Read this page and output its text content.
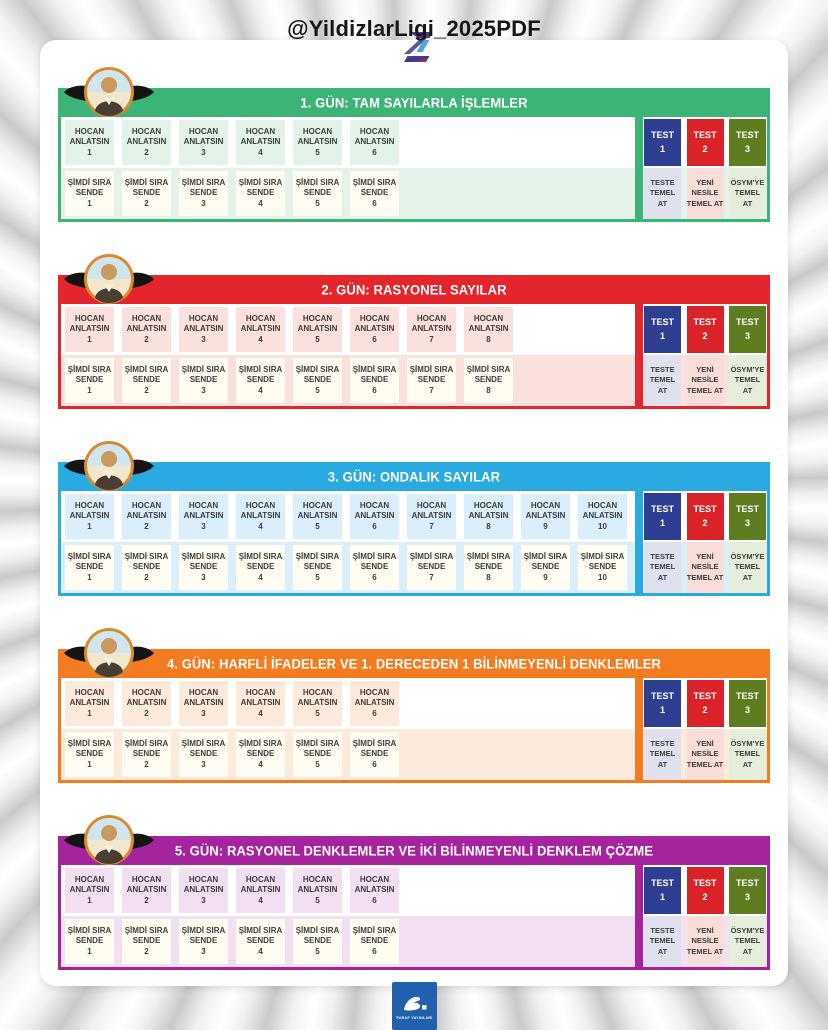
@YildizlarLigi_2025PDF
1. GÜN: TAM SAYILARLA İŞLEMLER
HOCAN
ANLATSIN
1
HOCAN
ANLATSIN
2
HOCAN
ANLATSIN
3
HOCAN
ANLATSIN
4
HOCAN
ANLATSIN
5
HOCAN
ANLATSIN
6
ŞİMDİ SIRA
SENDE
1
ŞİMDİ SIRA
SENDE
2
ŞİMDİ SIRA
SENDE
3
ŞİMDİ SIRA
SENDE
4
ŞİMDİ SIRA
SENDE
5
ŞİMDİ SIRA
SENDE
6
TEST
1
TEST
2
TEST
3
TESTE
TEMEL
AT
YENİ
NESİLE
TEMEL AT
ÖSYM'YE
TEMEL
AT
2. GÜN: RASYONEL SAYILAR
HOCAN
ANLATSIN
1
HOCAN
ANLATSIN
2
HOCAN
ANLATSIN
3
HOCAN
ANLATSIN
4
HOCAN
ANLATSIN
5
HOCAN
ANLATSIN
6
HOCAN
ANLATSIN
7
HOCAN
ANLATSIN
8
ŞİMDİ SIRA
SENDE
1
ŞİMDİ SIRA
SENDE
2
ŞİMDİ SIRA
SENDE
3
ŞİMDİ SIRA
SENDE
4
ŞİMDİ SIRA
SENDE
5
ŞİMDİ SIRA
SENDE
6
ŞİMDİ SIRA
SENDE
7
ŞİMDİ SIRA
SENDE
8
TEST
1
TEST
2
TEST
3
TESTE
TEMEL
AT
YENİ
NESİLE
TEMEL AT
ÖSYM'YE
TEMEL
AT
3. GÜN: ONDALIK SAYILAR
HOCAN
ANLATSIN
1
HOCAN
ANLATSIN
2
HOCAN
ANLATSIN
3
HOCAN
ANLATSIN
4
HOCAN
ANLATSIN
5
HOCAN
ANLATSIN
6
HOCAN
ANLATSIN
7
HOCAN
ANLATSIN
8
HOCAN
ANLATSIN
9
HOCAN
ANLATSIN
10
ŞİMDİ SIRA
SENDE
1
ŞİMDİ SIRA
SENDE
2
ŞİMDİ SIRA
SENDE
3
ŞİMDİ SIRA
SENDE
4
ŞİMDİ SIRA
SENDE
5
ŞİMDİ SIRA
SENDE
6
ŞİMDİ SIRA
SENDE
7
ŞİMDİ SIRA
SENDE
8
ŞİMDİ SIRA
SENDE
9
ŞİMDİ SIRA
SENDE
10
TEST
1
TEST
2
TEST
3
TESTE
TEMEL
AT
YENİ
NESİLE
TEMEL AT
ÖSYM'YE
TEMEL
AT
4. GÜN: HARFLİ İFADELER VE 1. DERECEDEN 1 BİLİNMEYENLİ DENKLEMLER
HOCAN
ANLATSIN
1
HOCAN
ANLATSIN
2
HOCAN
ANLATSIN
3
HOCAN
ANLATSIN
4
HOCAN
ANLATSIN
5
HOCAN
ANLATSIN
6
ŞİMDİ SIRA
SENDE
1
ŞİMDİ SIRA
SENDE
2
ŞİMDİ SIRA
SENDE
3
ŞİMDİ SIRA
SENDE
4
ŞİMDİ SIRA
SENDE
5
ŞİMDİ SIRA
SENDE
6
TEST
1
TEST
2
TEST
3
TESTE
TEMEL
AT
YENİ
NESİLE
TEMEL AT
ÖSYM'YE
TEMEL
AT
5. GÜN: RASYONEL DENKLEMLER VE İKİ BİLİNMEYENLİ DENKLEM ÇÖZME
HOCAN
ANLATSIN
1
HOCAN
ANLATSIN
2
HOCAN
ANLATSIN
3
HOCAN
ANLATSIN
4
HOCAN
ANLATSIN
5
HOCAN
ANLATSIN
6
ŞİMDİ SIRA
SENDE
1
ŞİMDİ SIRA
SENDE
2
ŞİMDİ SIRA
SENDE
3
ŞİMDİ SIRA
SENDE
4
ŞİMDİ SIRA
SENDE
5
ŞİMDİ SIRA
SENDE
6
TEST
1
TEST
2
TEST
3
TESTE
TEMEL
AT
YENİ
NESİLE
TEMEL AT
ÖSYM'YE
TEMEL
AT
PARAF YAYINLARI
